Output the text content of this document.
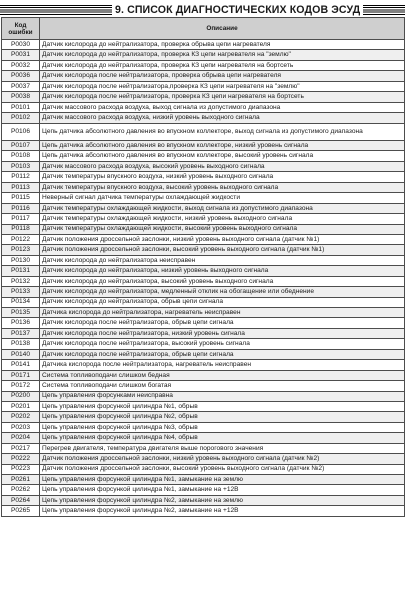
9. СПИСОК ДИАГНОСТИЧЕСКИХ КОДОВ ЭСУД
Код ошибки	Описание
P0030	Датчик кислорода до нейтрализатора, проверка обрыва цепи нагревателя
P0031	Датчик кислорода до нейтрализатора, проверка КЗ цепи нагревателя на "землю"
P0032	Датчик кислорода до нейтрализатора, проверка КЗ цепи нагревателя на бортсеть
P0036	Датчик кислорода после нейтрализатора, проверка обрыва цепи нагревателя
P0037	Датчик кислорода после нейтрализатора,проверка КЗ цепи нагревателя на "землю"
P0038	Датчик кислорода после нейтрализатора, проверка КЗ цепи нагревателя на бортсеть
P0101	Датчик массового расхода воздуха, выход сигнала из допустимого диапазона
P0102	Датчик массового расхода воздуха, низкий уровень выходного сигнала
P0106	Цепь датчика абсолютного давления во впускном коллекторе, выход сигнала из допустимого диапазона
P0107	Цепь датчика абсолютного давления во впускном коллекторе, низкий уровень сигнала
P0108	Цепь датчика абсолютного давления во впускном коллекторе, высокий уровень сигнала
P0103	Датчик массового расхода воздуха, высокий уровень выходного сигнала
P0112	Датчик температуры впускного воздуха, низкий уровень выходного сигнала
P0113	Датчик температуры впускного воздуха, высокий уровень выходного сигнала
P0115	Неверный сигнал датчика температуры охлаждающей жидкости
P0116	Датчик температуры охлаждающей жидкости, выход сигнала из допустимого диапазона
P0117	Датчик температуры охлаждающей жидкости, низкий уровень выходного сигнала
P0118	Датчик температуры охлаждающей жидкости, высокий уровень выходного сигнала
P0122	Датчик положения дроссельной заслонки, низкий уровень выходного сигнала (датчик №1)
P0123	Датчик положения дроссельной заслонки, высокий уровень выходного сигнала (датчик №1)
P0130	Датчик кислорода до нейтрализатора неисправен
P0131	Датчик кислорода до нейтрализатора, низкий уровень выходного сигнала
P0132	Датчик кислорода до нейтрализатора, высокий уровень выходного сигнала
P0133	Датчик кислорода до нейтрализатора, медленный отклик на обогащение или обеднение
P0134	Датчик кислорода до нейтрализатора, обрыв цепи сигнала
P0135	Датчика кислорода до нейтрализатора, нагреватель неисправен
P0136	Датчик кислорода после нейтрализатора, обрыв цепи сигнала
P0137	Датчик кислорода после нейтрализатора, низкий уровень сигнала
P0138	Датчик кислорода после нейтрализатора, высокий уровень сигнала
P0140	Датчик кислорода после нейтрализатора, обрыв цепи сигнала
P0141	Датчика кислорода после нейтрализатора, нагреватель неисправен
P0171	Система топливоподачи слишком бедная
P0172	Система топливоподачи слишком богатая
P0200	Цепь управления форсунками неисправна
P0201	Цепь управления форсункой цилиндра №1, обрыв
P0202	Цепь управления форсункой цилиндра №2, обрыв
P0203	Цепь управления форсункой цилиндра №3, обрыв
P0204	Цепь управления форсункой цилиндра №4, обрыв
P0217	Перегрев двигателя, температура двигателя выше порогового значения
P0222	Датчик положения дроссельной заслонки, низкий уровень выходного сигнала (датчик №2)
P0223	Датчик положения дроссельной заслонки, высокий уровень выходного сигнала (датчик №2)
P0261	Цепь управления форсункой цилиндра №1, замыкание на землю
P0262	Цепь управления форсункой цилиндра №1, замыкание на +12В
P0264	Цепь управления форсункой цилиндра №2, замыкание на землю
P0265	Цепь управления форсункой цилиндра №2, замыкание на +12В
